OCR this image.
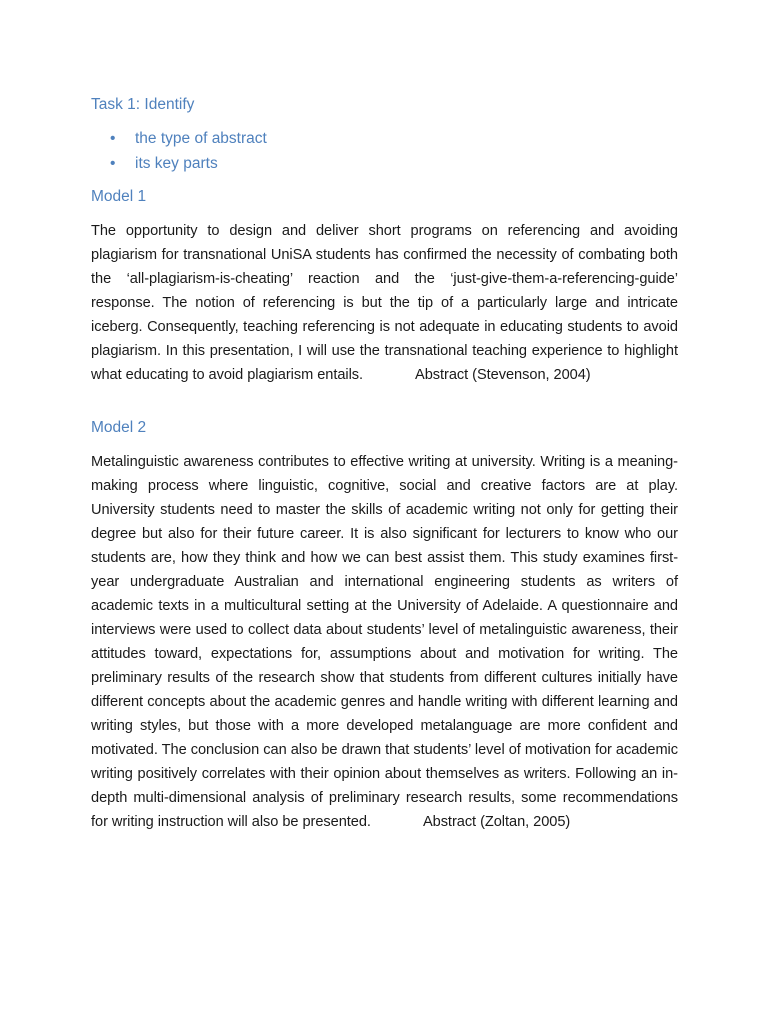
Task 1: Identify
• the type of abstract
• its key parts
Model 1

The opportunity to design and deliver short programs on referencing and avoiding plagiarism for transnational UniSA students has confirmed the necessity of combating both the ‘all-plagiarism-is-cheating’ reaction and the ‘just-give-them-a-referencing-guide’ response. The notion of referencing is but the tip of a particularly large and intricate iceberg. Consequently, teaching referencing is not adequate in educating students to avoid plagiarism. In this presentation, I will use the transnational teaching experience to highlight what educating to avoid plagiarism entails.	Abstract (Stevenson, 2004)

Model 2

Metalinguistic awareness contributes to effective writing at university. Writing is a meaning-making process where linguistic, cognitive, social and creative factors are at play. University students need to master the skills of academic writing not only for getting their degree but also for their future career. It is also significant for lecturers to know who our students are, how they think and how we can best assist them. This study examines first-year undergraduate Australian and international engineering students as writers of academic texts in a multicultural setting at the University of Adelaide. A questionnaire and interviews were used to collect data about students’ level of metalinguistic awareness, their attitudes toward, expectations for, assumptions about and motivation for writing. The preliminary results of the research show that students from different cultures initially have different concepts about the academic genres and handle writing with different learning and writing styles, but those with a more developed metalanguage are more confident and motivated. The conclusion can also be drawn that students’ level of motivation for academic writing positively correlates with their opinion about themselves as writers. Following an in-depth multi-dimensional analysis of preliminary research results, some recommendations for writing instruction will also be presented.	Abstract (Zoltan, 2005)
